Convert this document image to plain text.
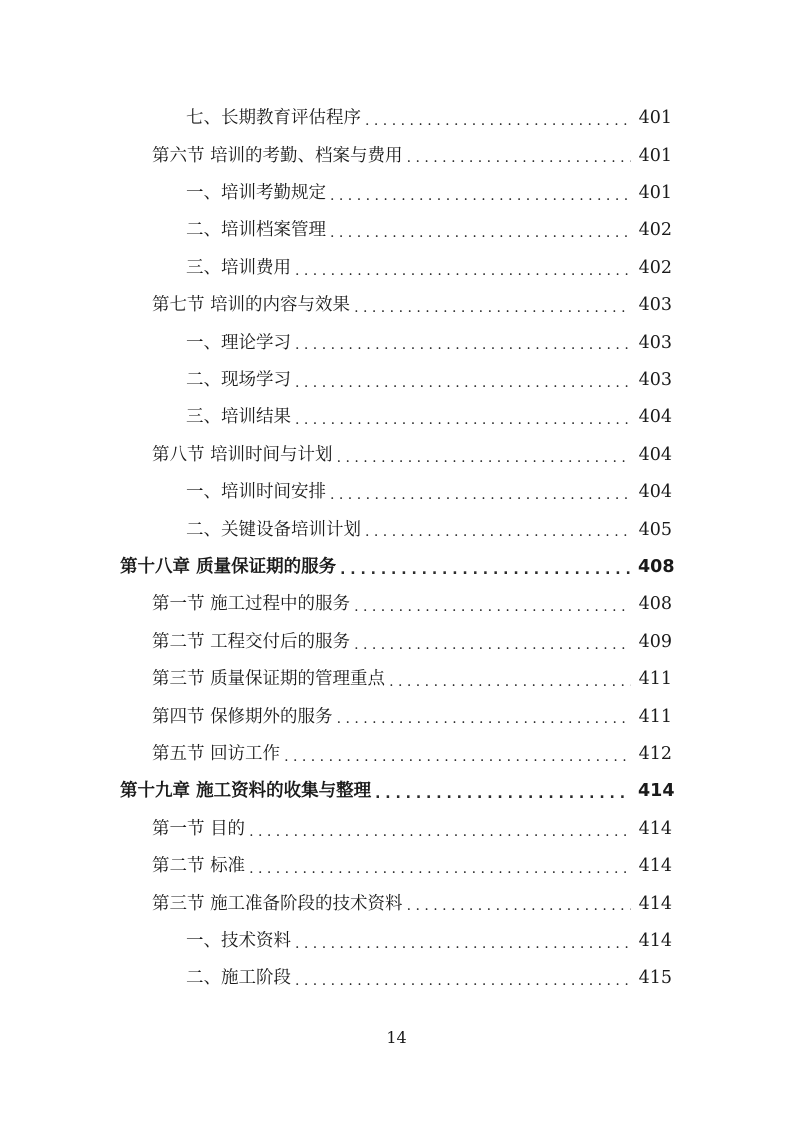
七、长期教育评估程序 . . .	401
第六节 培训的考勤、档案与费用 . . .	401
一、培训考勤规定 . . .	401
二、培训档案管理 . . .	402
三、培训费用 . . .	402
第七节 培训的内容与效果 . . .	403
一、理论学习 . . .	403
二、现场学习 . . .	403
三、培训结果 . . .	404
第八节 培训时间与计划 . . .	404
一、培训时间安排 . . .	404
二、关键设备培训计划 . . .	405
第十八章 质量保证期的服务 . . .	408
第一节 施工过程中的服务 . . .	408
第二节 工程交付后的服务 . . .	409
第三节 质量保证期的管理重点 . . .	411
第四节 保修期外的服务 . . .	411
第五节 回访工作 . . .	412
第十九章 施工资料的收集与整理 . . .	414
第一节 目的 . . .	414
第二节 标准 . . .	414
第三节 施工准备阶段的技术资料 . . .	414
一、技术资料 . . .	414
二、施工阶段 . . .	415
14
